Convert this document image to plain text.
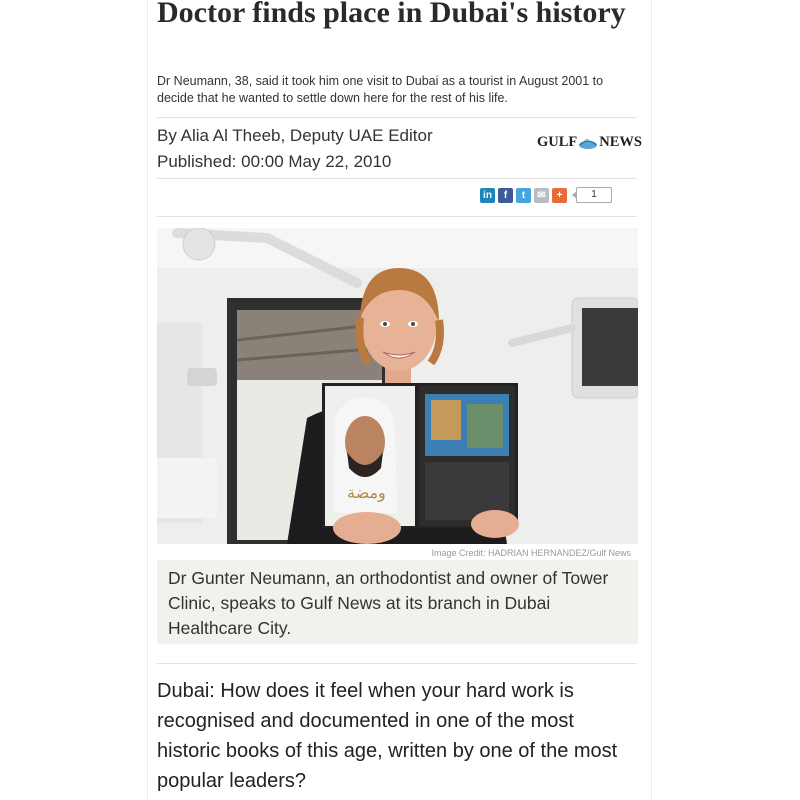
Doctor finds place in Dubai's history

Dr Neumann, 38, said it took him one visit to Dubai as a tourist in August 2001 to decide that he wanted to settle down here for the rest of his life.

By Alia Al Theeb, Deputy UAE Editor
Published: 00:00 May 22, 2010
GULF NEWS
in	f	t	✉	+	1
ومضة
Image Credit: HADRIAN HERNANDEZ/Gulf News

Dr Gunter Neumann, an orthodontist and owner of Tower Clinic, speaks to Gulf News at its branch in Dubai Healthcare City.

Dubai: How does it feel when your hard work is recognised and documented in one of the most historic books of this age, written by one of the most popular leaders?
